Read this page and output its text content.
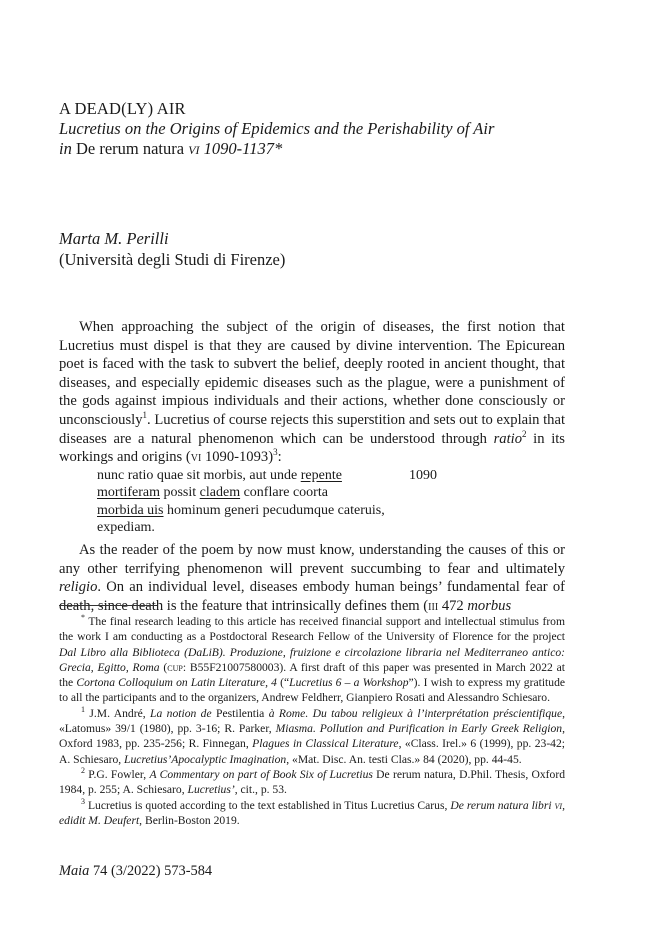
A DEAD(LY) AIR
Lucretius on the Origins of Epidemics and the Perishability of Air
in De rerum natura vi 1090-1137*
Marta M. Perilli
(Università degli Studi di Firenze)

When approaching the subject of the origin of diseases, the first notion that Lucretius must dispel is that they are caused by divine intervention. The Epicurean poet is faced with the task to subvert the belief, deeply rooted in ancient thought, that diseases, and especially epidemic diseases such as the plague, were a punishment of the gods against impious individuals and their actions, whether done consciously or unconsciously$^1$. Lucretius of course rejects this superstition and sets out to explain that diseases are a natural phenomenon which can be understood through ratio$^2$ in its workings and origins (vi 1090-1093)$^3$:

nunc ratio quae sit morbis, aut unde repente	1090
mortiferam possit cladem conflare coorta
morbida uis hominum generi pecudumque cateruis,
expediam.

As the reader of the poem by now must know, understanding the causes of this or any other terrifying phenomenon will prevent succumbing to fear and ultimately religio. On an individual level, diseases embody human beings’ fundamental fear of death, since death is the feature that intrinsically defines them (iii 472 morbus

* The final research leading to this article has received financial support and intellectual stimulus from the work I am conducting as a Postdoctoral Research Fellow of the University of Florence for the project Dal Libro alla Biblioteca (DaLiB). Produzione, fruizione e circolazione libraria nel Mediterraneo antico: Grecia, Egitto, Roma (cup: B55F21007580003). A first draft of this paper was presented in March 2022 at the Cortona Colloquium on Latin Literature, 4 (“Lucretius 6 – a Workshop”). I wish to express my gratitude to all the participants and to the organizers, Andrew Feldherr, Gianpiero Rosati and Alessandro Schiesaro.

$^1$ J.M. André, La notion de Pestilentia à Rome. Du tabou religieux à l’interprétation préscientifique, «Latomus» 39/1 (1980), pp. 3-16; R. Parker, Miasma. Pollution and Purification in Early Greek Religion, Oxford 1983, pp. 235-256; R. Finnegan, Plagues in Classical Literature, «Class. Irel.» 6 (1999), pp. 23-42; A. Schiesaro, Lucretius’Apocalyptic Imagination, «Mat. Disc. An. testi Clas.» 84 (2020), pp. 44-45.

$^2$ P.G. Fowler, A Commentary on part of Book Six of Lucretius De rerum natura, D.Phil. Thesis, Oxford 1984, p. 255; A. Schiesaro, Lucretius’, cit., p. 53.

$^3$ Lucretius is quoted according to the text established in Titus Lucretius Carus, De rerum natura libri vi, edidit M. Deufert, Berlin-Boston 2019.

Maia 74 (3/2022) 573-584
